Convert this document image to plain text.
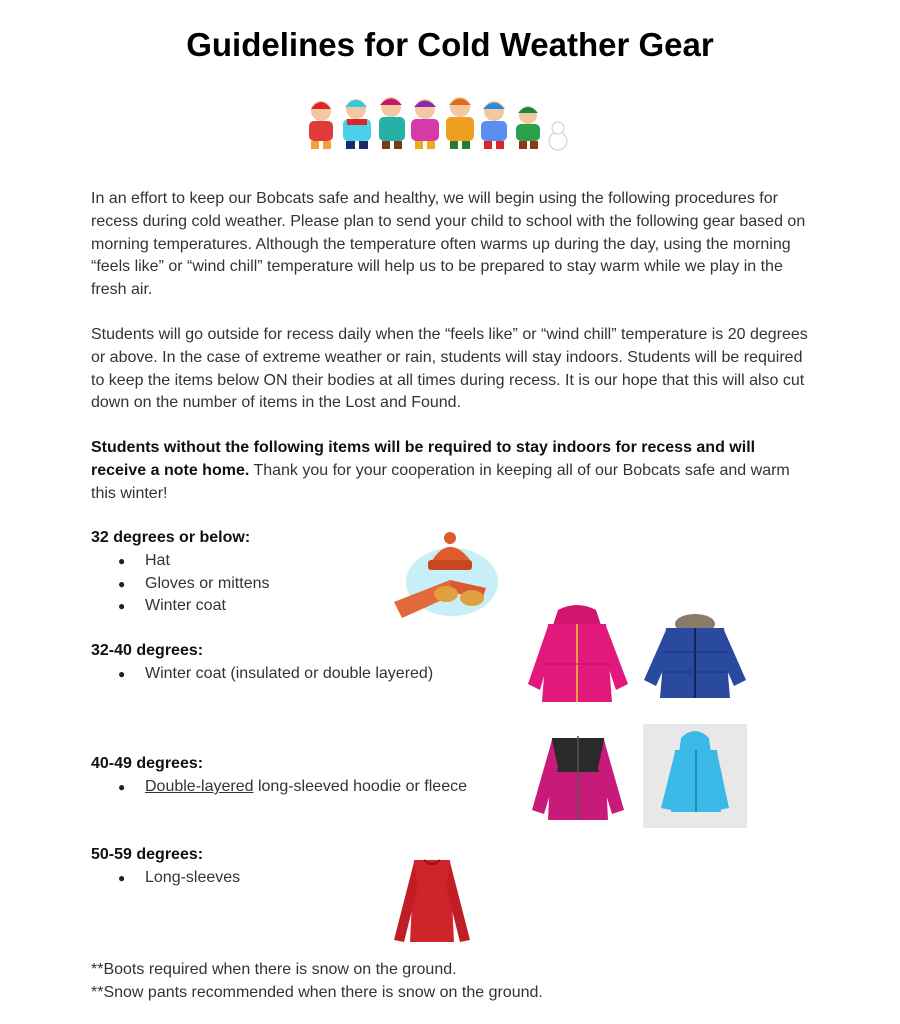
Guidelines for Cold Weather Gear
In an effort to keep our Bobcats safe and healthy, we will begin using the following procedures for recess during cold weather. Please plan to send your child to school with the following gear based on morning temperatures. Although the temperature often warms up during the day, using the morning “feels like” or “wind chill” temperature will help us to be prepared to stay warm while we play in the fresh air.
Students will go outside for recess daily when the “feels like” or “wind chill” temperature is 20 degrees or above. In the case of extreme weather or rain, students will stay indoors. Students will be required to keep the items below ON their bodies at all times during recess. It is our hope that this will also cut down on the number of items in the Lost and Found.
Students without the following items will be required to stay indoors for recess and will receive a note home. Thank you for your cooperation in keeping all of our Bobcats safe and warm this winter!
32 degrees or below:
● Hat
● Gloves or mittens
● Winter coat
32-40 degrees:
● Winter coat (insulated or double layered)
40-49 degrees:
● Double-layered long-sleeved hoodie or fleece
50-59 degrees:
● Long-sleeves
**Boots required when there is snow on the ground.
**Snow pants recommended when there is snow on the ground.
